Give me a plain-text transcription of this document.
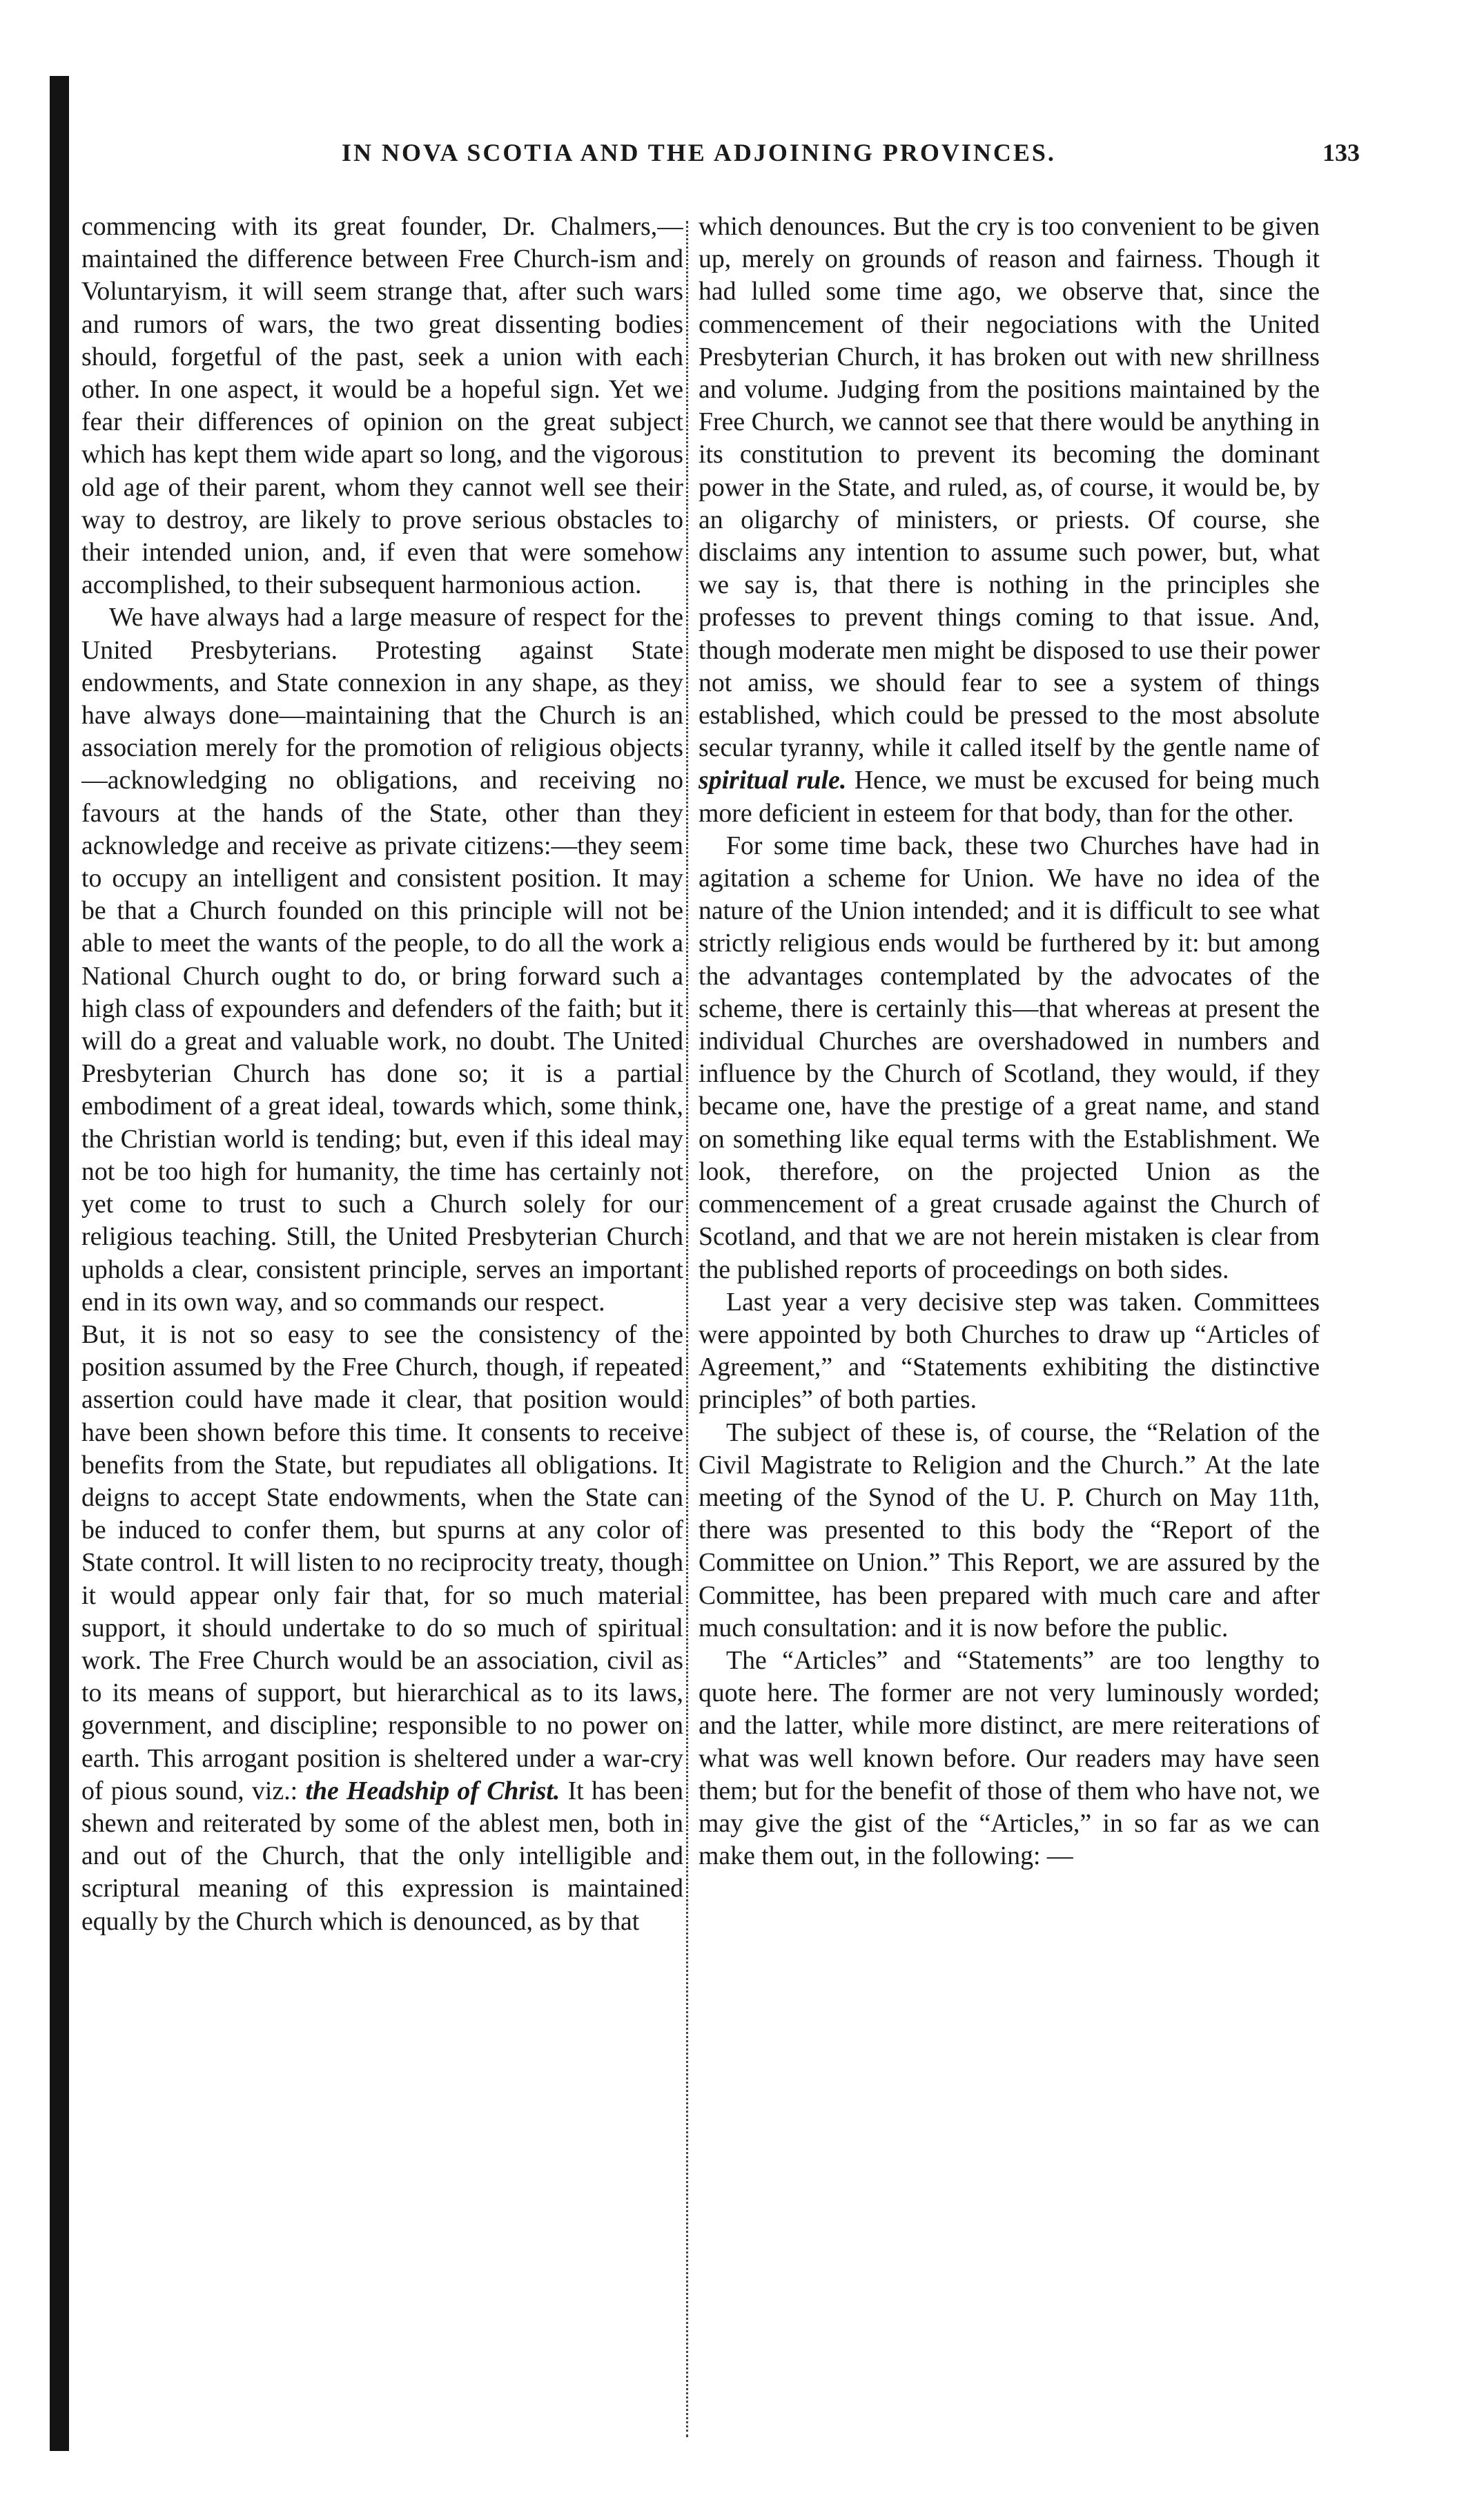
IN NOVA SCOTIA AND THE ADJOINING PROVINCES.	133

commencing with its great founder, Dr. Chalmers,—maintained the difference between Free Church-ism and Voluntaryism, it will seem strange that, after such wars and rumors of wars, the two great dissenting bodies should, forgetful of the past, seek a union with each other. In one aspect, it would be a hopeful sign. Yet we fear their differences of opinion on the great subject which has kept them wide apart so long, and the vigorous old age of their parent, whom they cannot well see their way to destroy, are likely to prove serious obstacles to their intended union, and, if even that were somehow accomplished, to their subsequent harmonious action.

We have always had a large measure of respect for the United Presbyterians. Protesting against State endowments, and State connexion in any shape, as they have always done—maintaining that the Church is an association merely for the promotion of religious objects—acknowledging no obligations, and receiving no favours at the hands of the State, other than they acknowledge and receive as private citizens:—they seem to occupy an intelligent and consistent position. It may be that a Church founded on this principle will not be able to meet the wants of the people, to do all the work a National Church ought to do, or bring forward such a high class of expounders and defenders of the faith; but it will do a great and valuable work, no doubt. The United Presbyterian Church has done so; it is a partial embodiment of a great ideal, towards which, some think, the Christian world is tending; but, even if this ideal may not be too high for humanity, the time has certainly not yet come to trust to such a Church solely for our religious teaching. Still, the United Presbyterian Church upholds a clear, consistent principle, serves an important end in its own way, and so commands our respect.

But, it is not so easy to see the consistency of the position assumed by the Free Church, though, if repeated assertion could have made it clear, that position would have been shown before this time. It consents to receive benefits from the State, but repudiates all obligations. It deigns to accept State endowments, when the State can be induced to confer them, but spurns at any color of State control. It will listen to no reciprocity treaty, though it would appear only fair that, for so much material support, it should undertake to do so much of spiritual work. The Free Church would be an association, civil as to its means of support, but hierarchical as to its laws, government, and discipline; responsible to no power on earth. This arrogant position is sheltered under a war-cry of pious sound, viz.: the Headship of Christ. It has been shewn and reiterated by some of the ablest men, both in and out of the Church, that the only intelligible and scriptural meaning of this expression is maintained equally by the Church which is denounced, as by that

which denounces. But the cry is too convenient to be given up, merely on grounds of reason and fairness. Though it had lulled some time ago, we observe that, since the commencement of their negociations with the United Presbyterian Church, it has broken out with new shrillness and volume. Judging from the positions maintained by the Free Church, we cannot see that there would be anything in its constitution to prevent its becoming the dominant power in the State, and ruled, as, of course, it would be, by an oligarchy of ministers, or priests. Of course, she disclaims any intention to assume such power, but, what we say is, that there is nothing in the principles she professes to prevent things coming to that issue. And, though moderate men might be disposed to use their power not amiss, we should fear to see a system of things established, which could be pressed to the most absolute secular tyranny, while it called itself by the gentle name of spiritual rule. Hence, we must be excused for being much more deficient in esteem for that body, than for the other.

For some time back, these two Churches have had in agitation a scheme for Union. We have no idea of the nature of the Union intended; and it is difficult to see what strictly religious ends would be furthered by it: but among the advantages contemplated by the advocates of the scheme, there is certainly this—that whereas at present the individual Churches are overshadowed in numbers and influence by the Church of Scotland, they would, if they became one, have the prestige of a great name, and stand on something like equal terms with the Establishment. We look, therefore, on the projected Union as the commencement of a great crusade against the Church of Scotland, and that we are not herein mistaken is clear from the published reports of proceedings on both sides.

Last year a very decisive step was taken. Committees were appointed by both Churches to draw up “Articles of Agreement,” and “Statements exhibiting the distinctive principles” of both parties.

The subject of these is, of course, the “Relation of the Civil Magistrate to Religion and the Church.” At the late meeting of the Synod of the U. P. Church on May 11th, there was presented to this body the “Report of the Committee on Union.” This Report, we are assured by the Committee, has been prepared with much care and after much consultation: and it is now before the public.

The “Articles” and “Statements” are too lengthy to quote here. The former are not very luminously worded; and the latter, while more distinct, are mere reiterations of what was well known before. Our readers may have seen them; but for the benefit of those of them who have not, we may give the gist of the “Articles,” in so far as we can make them out, in the following: —
